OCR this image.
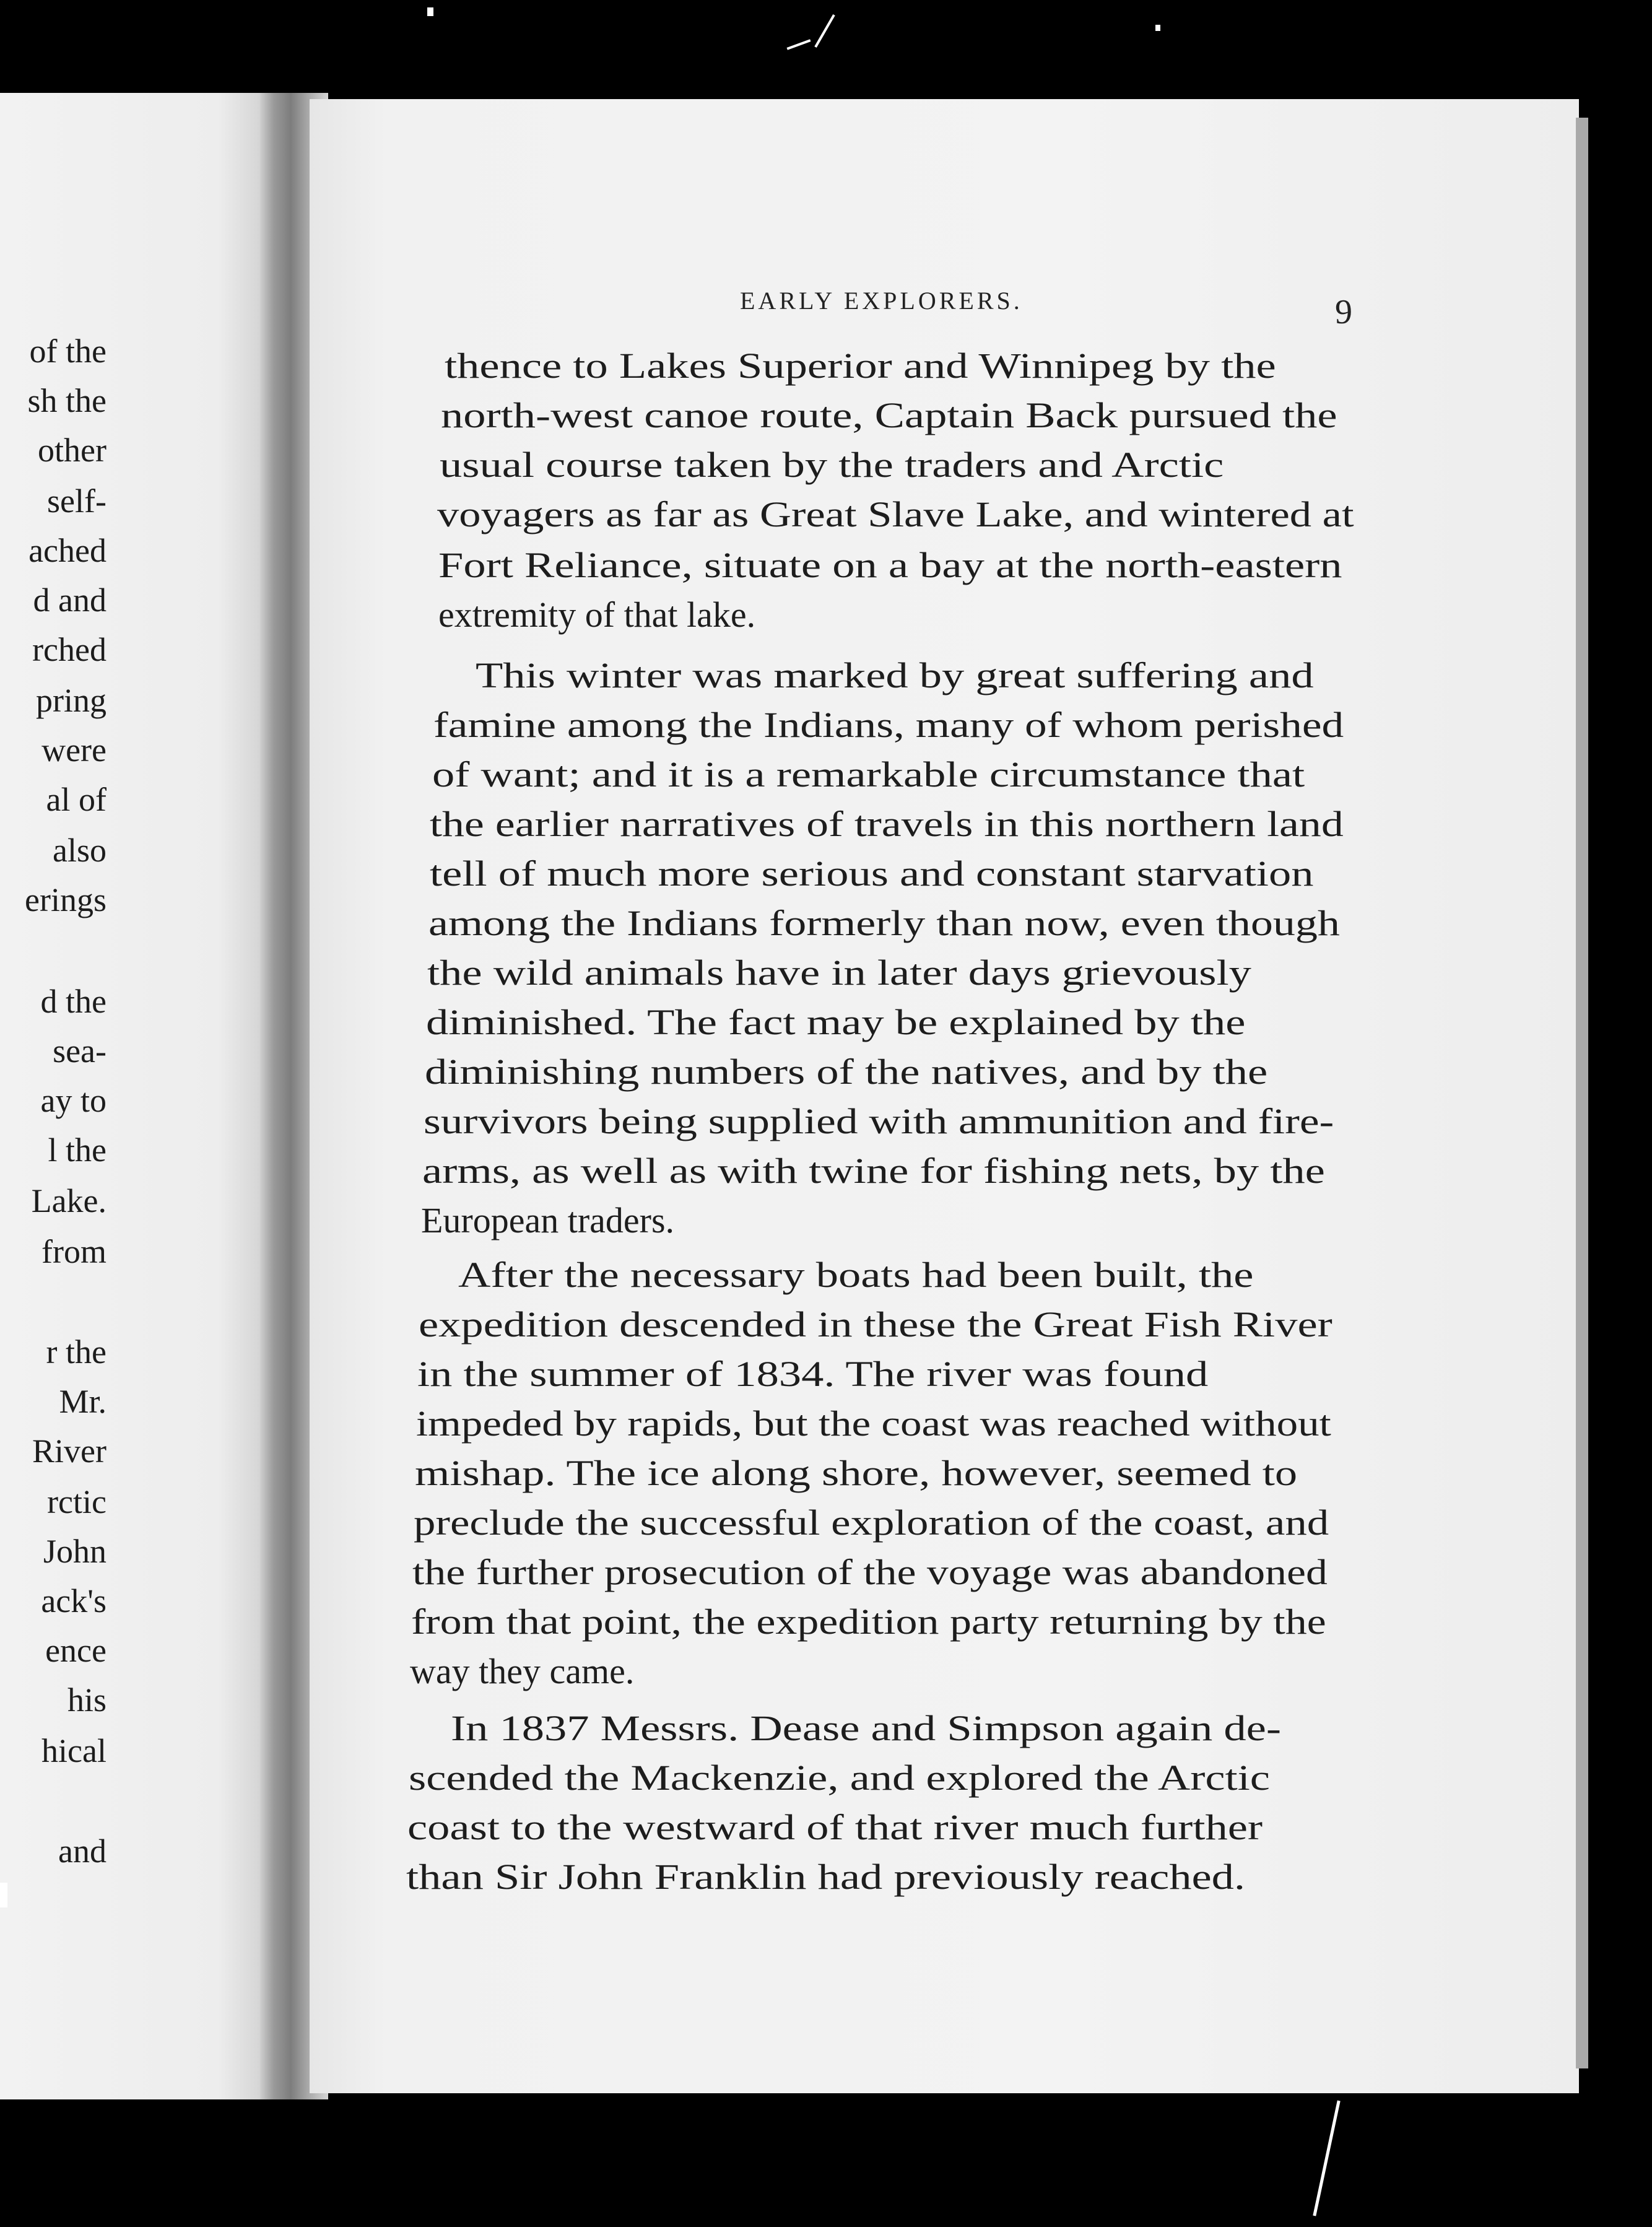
EARLY EXPLORERS.	9
of the
sh the
other
self-
ached
d and
rched
pring
were
al of
also
erings
d the
sea-
ay to
l the
Lake.
from
r the
Mr.
River
rctic
John
ack's
ence
his
hical
and
thence to Lakes Superior and Winnipeg by the
north-west canoe route, Captain Back pursued the
usual course taken by the traders and Arctic
voyagers as far as Great Slave Lake, and wintered at
Fort Reliance, situate on a bay at the north-eastern
extremity of that lake.
This winter was marked by great suffering and
famine among the Indians, many of whom perished
of want; and it is a remarkable circumstance that
the earlier narratives of travels in this northern land
tell of much more serious and constant starvation
among the Indians formerly than now, even though
the wild animals have in later days grievously
diminished. The fact may be explained by the
diminishing numbers of the natives, and by the
survivors being supplied with ammunition and fire-
arms, as well as with twine for fishing nets, by the
European traders.
After the necessary boats had been built, the
expedition descended in these the Great Fish River
in the summer of 1834. The river was found
impeded by rapids, but the coast was reached without
mishap. The ice along shore, however, seemed to
preclude the successful exploration of the coast, and
the further prosecution of the voyage was abandoned
from that point, the expedition party returning by the
way they came.
In 1837 Messrs. Dease and Simpson again de-
scended the Mackenzie, and explored the Arctic
coast to the westward of that river much further
than Sir John Franklin had previously reached.
